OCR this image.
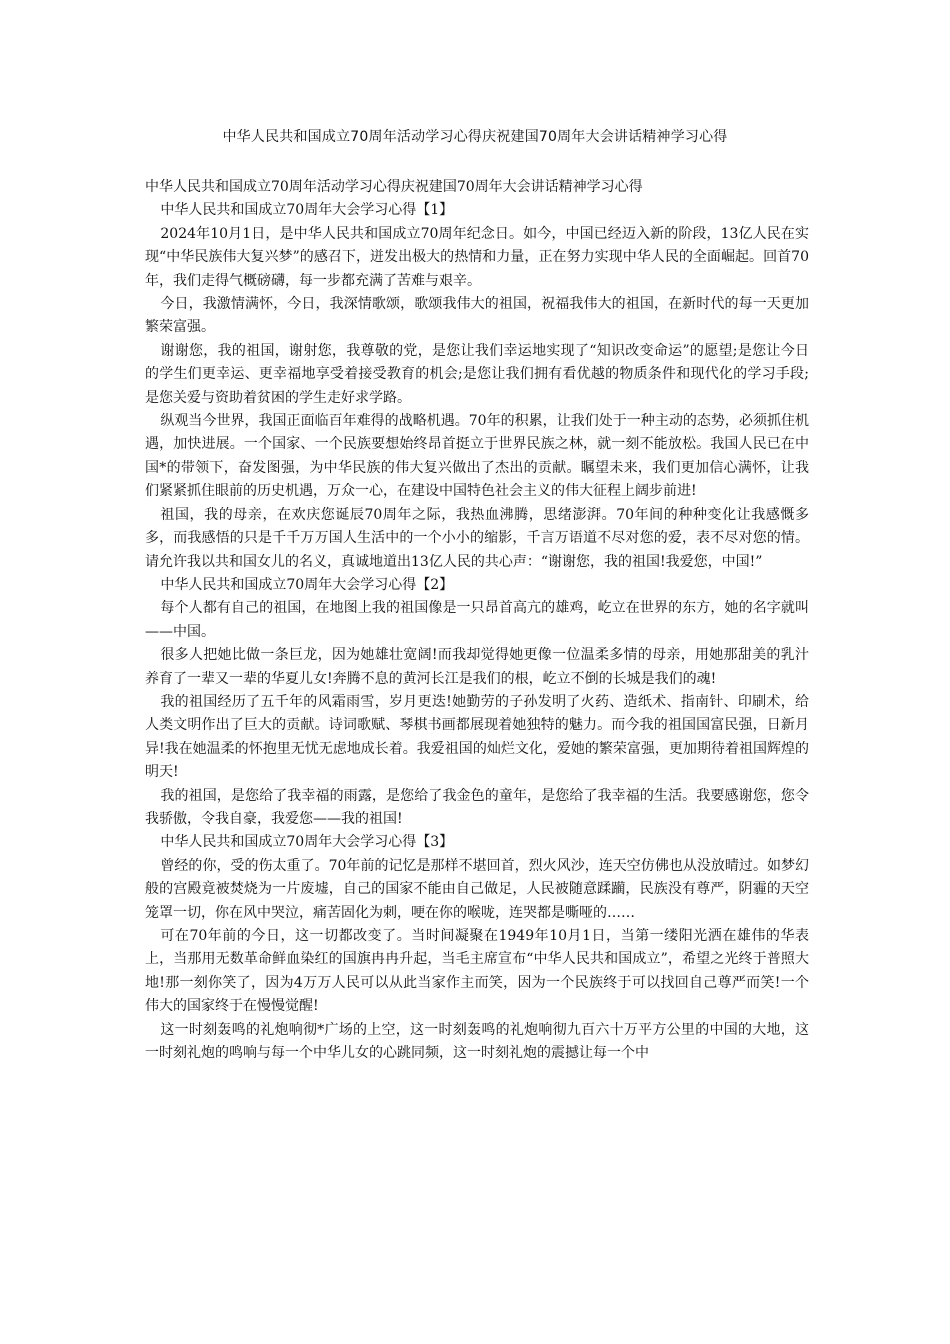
中华人民共和国成立70周年活动学习心得庆祝建国70周年大会讲话精神学习心得

中华人民共和国成立70周年活动学习心得庆祝建国70周年大会讲话精神学习心得

中华人民共和国成立70周年大会学习心得【1】

2024年10月1日，是中华人民共和国成立70周年纪念日。如今，中国已经迈入新的阶段，13亿人民在实现“中华民族伟大复兴梦”的感召下，迸发出极大的热情和力量，正在努力实现中华人民的全面崛起。回首70年，我们走得气概磅礴，每一步都充满了苦难与艰辛。

今日，我激情满怀，今日，我深情歌颂，歌颂我伟大的祖国，祝福我伟大的祖国，在新时代的每一天更加繁荣富强。

谢谢您，我的祖国，谢射您，我尊敬的党，是您让我们幸运地实现了“知识改变命运”的愿望;是您让今日的学生们更幸运、更幸福地享受着接受教育的机会;是您让我们拥有看优越的物质条件和现代化的学习手段;是您关爱与资助着贫困的学生走好求学路。

纵观当今世界，我国正面临百年难得的战略机遇。70年的积累，让我们处于一种主动的态势，必须抓住机遇，加快进展。一个国家、一个民族要想始终昂首挺立于世界民族之林，就一刻不能放松。我国人民已在中国*的带领下，奋发图强，为中华民族的伟大复兴做出了杰出的贡献。瞩望未来，我们更加信心满怀，让我们紧紧抓住眼前的历史机遇，万众一心，在建设中国特色社会主义的伟大征程上阔步前进!

祖国，我的母亲，在欢庆您诞辰70周年之际，我热血沸腾，思绪澎湃。70年间的种种变化让我感慨多多，而我感悟的只是千千万万国人生活中的一个小小的缩影，千言万语道不尽对您的爱，表不尽对您的情。请允许我以共和国女儿的名义，真诚地道出13亿人民的共心声：“谢谢您，我的祖国!我爱您，中国!”

中华人民共和国成立70周年大会学习心得【2】

每个人都有自己的祖国，在地图上我的祖国像是一只昂首高亢的雄鸡，屹立在世界的东方，她的名字就叫——中国。

很多人把她比做一条巨龙，因为她雄壮宽阔!而我却觉得她更像一位温柔多情的母亲，用她那甜美的乳汁养育了一辈又一辈的华夏儿女!奔腾不息的黄河长江是我们的根，屹立不倒的长城是我们的魂!

我的祖国经历了五千年的风霜雨雪，岁月更迭!她勤劳的子孙发明了火药、造纸术、指南针、印刷术，给人类文明作出了巨大的贡献。诗词歌赋、琴棋书画都展现着她独特的魅力。而今我的祖国国富民强，日新月异!我在她温柔的怀抱里无忧无虑地成长着。我爱祖国的灿烂文化，爱她的繁荣富强，更加期待着祖国辉煌的明天!

我的祖国，是您给了我幸福的雨露，是您给了我金色的童年，是您给了我幸福的生活。我要感谢您，您令我骄傲，令我自豪，我爱您——我的祖国!

中华人民共和国成立70周年大会学习心得【3】

曾经的你，受的伤太重了。70年前的记忆是那样不堪回首，烈火风沙，连天空仿佛也从没放晴过。如梦幻般的宫殿竟被焚烧为一片废墟，自己的国家不能由自己做足，人民被随意蹂躏，民族没有尊严，阴霾的天空笼罩一切，你在风中哭泣，痛苦固化为刺，哽在你的喉咙，连哭都是嘶哑的……

可在70年前的今日，这一切都改变了。当时间凝聚在1949年10月1日，当第一缕阳光洒在雄伟的华表上，当那用无数革命鲜血染红的国旗冉冉升起，当毛主席宣布“中华人民共和国成立”，希望之光终于普照大地!那一刻你笑了，因为4万万人民可以从此当家作主而笑，因为一个民族终于可以找回自己尊严而笑!一个伟大的国家终于在慢慢觉醒!

这一时刻轰鸣的礼炮响彻*广场的上空，这一时刻轰鸣的礼炮响彻九百六十万平方公里的中国的大地，这一时刻礼炮的鸣响与每一个中华儿女的心跳同频，这一时刻礼炮的震撼让每一个中
